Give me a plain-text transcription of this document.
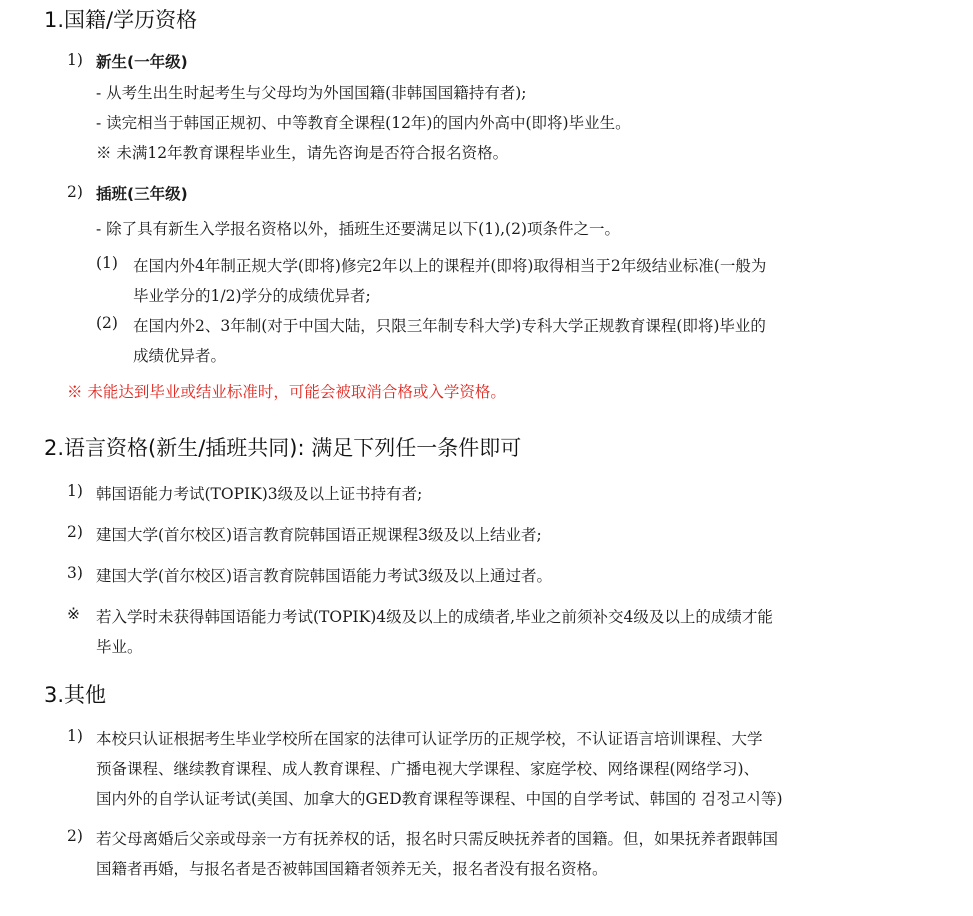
1.国籍/学历资格
1) 新生(一年级)
- 从考生出生时起考生与父母均为外国国籍(非韩国国籍持有者);
- 读完相当于韩国正规初、中等教育全课程(12年)的国内外高中(即将)毕业生。
※ 未满12年教育课程毕业生，请先咨询是否符合报名资格。
2) 插班(三年级)
- 除了具有新生入学报名资格以外，插班生还要满足以下(1),(2)项条件之一。
(1) 在国内外4年制正规大学(即将)修完2年以上的课程并(即将)取得相当于2年级结业标准(一般为
毕业学分的1/2)学分的成绩优异者;
(2) 在国内外2、3年制(对于中国大陆，只限三年制专科大学)专科大学正规教育课程(即将)毕业的
成绩优异者。
※ 未能达到毕业或结业标准时，可能会被取消合格或入学资格。
2.语言资格(新生/插班共同): 满足下列任一条件即可
1) 韩国语能力考试(TOPIK)3级及以上证书持有者;
2) 建国大学(首尔校区)语言教育院韩国语正规课程3级及以上结业者;
3) 建国大学(首尔校区)语言教育院韩国语能力考试3级及以上通过者。
※ 若入学时未获得韩国语能力考试(TOPIK)4级及以上的成绩者,毕业之前须补交4级及以上的成绩才能
毕业。
3.其他
1) 本校只认证根据考生毕业学校所在国家的法律可认证学历的正规学校，不认证语言培训课程、大学
预备课程、继续教育课程、成人教育课程、广播电视大学课程、家庭学校、网络课程(网络学习)、
国内外的自学认证考试(美国、加拿大的GED教育课程等课程、中国的自学考试、韩国的 검정고시等)
2) 若父母离婚后父亲或母亲一方有抚养权的话，报名时只需反映抚养者的国籍。但，如果抚养者跟韩国
国籍者再婚，与报名者是否被韩国国籍者领养无关，报名者没有报名资格。
